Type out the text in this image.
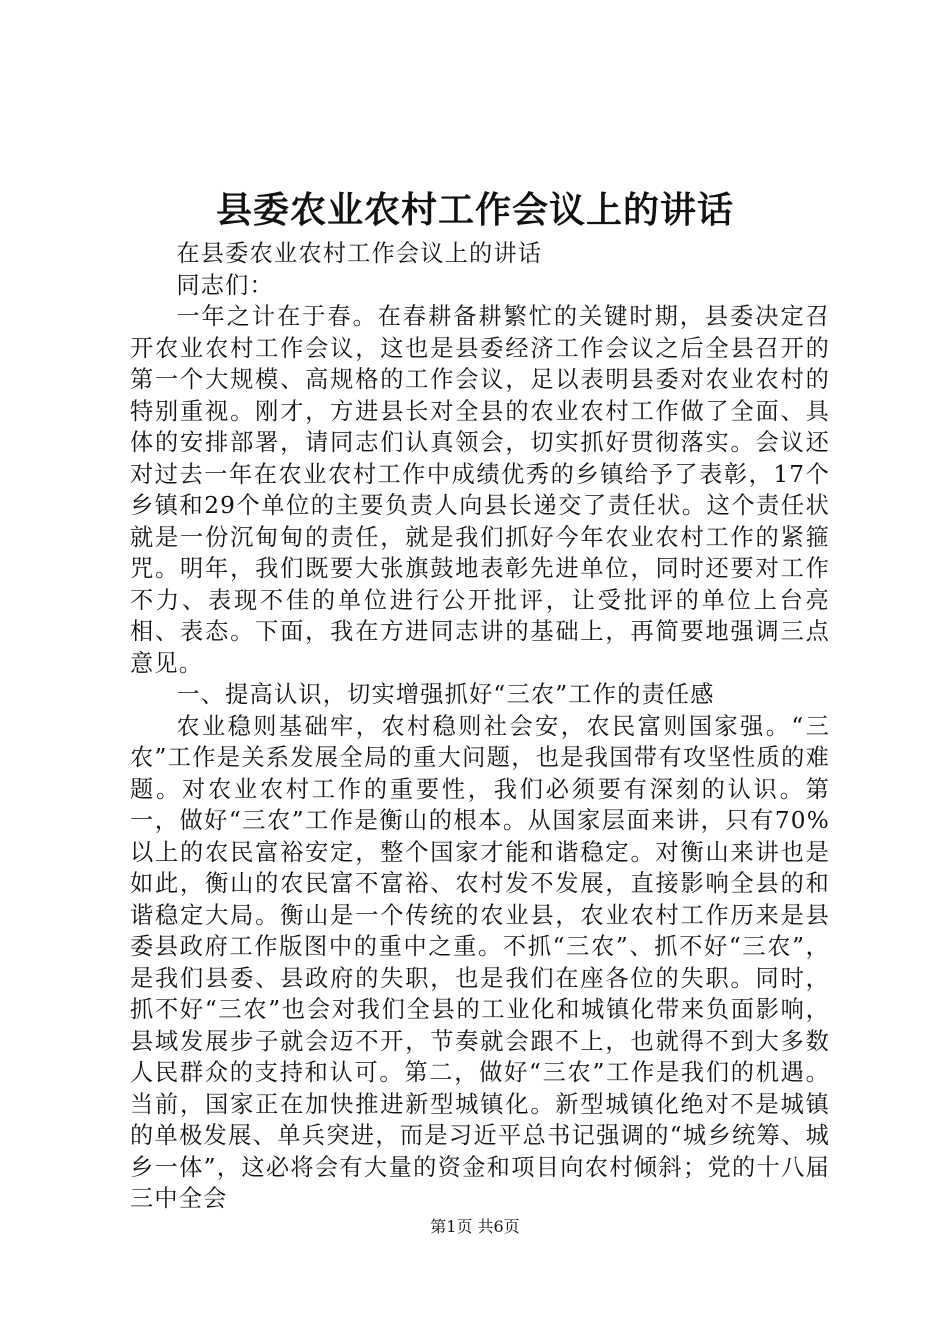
县委农业农村工作会议上的讲话

在县委农业农村工作会议上的讲话

同志们：

一年之计在于春。在春耕备耕繁忙的关键时期，县委决定召开农业农村工作会议，这也是县委经济工作会议之后全县召开的第一个大规模、高规格的工作会议，足以表明县委对农业农村的特别重视。刚才，方进县长对全县的农业农村工作做了全面、具体的安排部署，请同志们认真领会，切实抓好贯彻落实。会议还对过去一年在农业农村工作中成绩优秀的乡镇给予了表彰，17个乡镇和29个单位的主要负责人向县长递交了责任状。这个责任状就是一份沉甸甸的责任，就是我们抓好今年农业农村工作的紧箍咒。明年，我们既要大张旗鼓地表彰先进单位，同时还要对工作不力、表现不佳的单位进行公开批评，让受批评的单位上台亮相、表态。下面，我在方进同志讲的基础上，再简要地强调三点意见。

一、提高认识，切实增强抓好“三农”工作的责任感

农业稳则基础牢，农村稳则社会安，农民富则国家强。“三农”工作是关系发展全局的重大问题，也是我国带有攻坚性质的难题。对农业农村工作的重要性，我们必须要有深刻的认识。第一，做好“三农”工作是衡山的根本。从国家层面来讲，只有70%以上的农民富裕安定，整个国家才能和谐稳定。对衡山来讲也是如此，衡山的农民富不富裕、农村发不发展，直接影响全县的和谐稳定大局。衡山是一个传统的农业县，农业农村工作历来是县委县政府工作版图中的重中之重。不抓“三农”、抓不好“三农”，是我们县委、县政府的失职，也是我们在座各位的失职。同时，抓不好“三农”也会对我们全县的工业化和城镇化带来负面影响，县域发展步子就会迈不开，节奏就会跟不上，也就得不到大多数人民群众的支持和认可。第二，做好“三农”工作是我们的机遇。当前，国家正在加快推进新型城镇化。新型城镇化绝对不是城镇的单极发展、单兵突进，而是习近平总书记强调的“城乡统筹、城乡一体”，这必将会有大量的资金和项目向农村倾斜；党的十八届三中全会

第1页 共6页
